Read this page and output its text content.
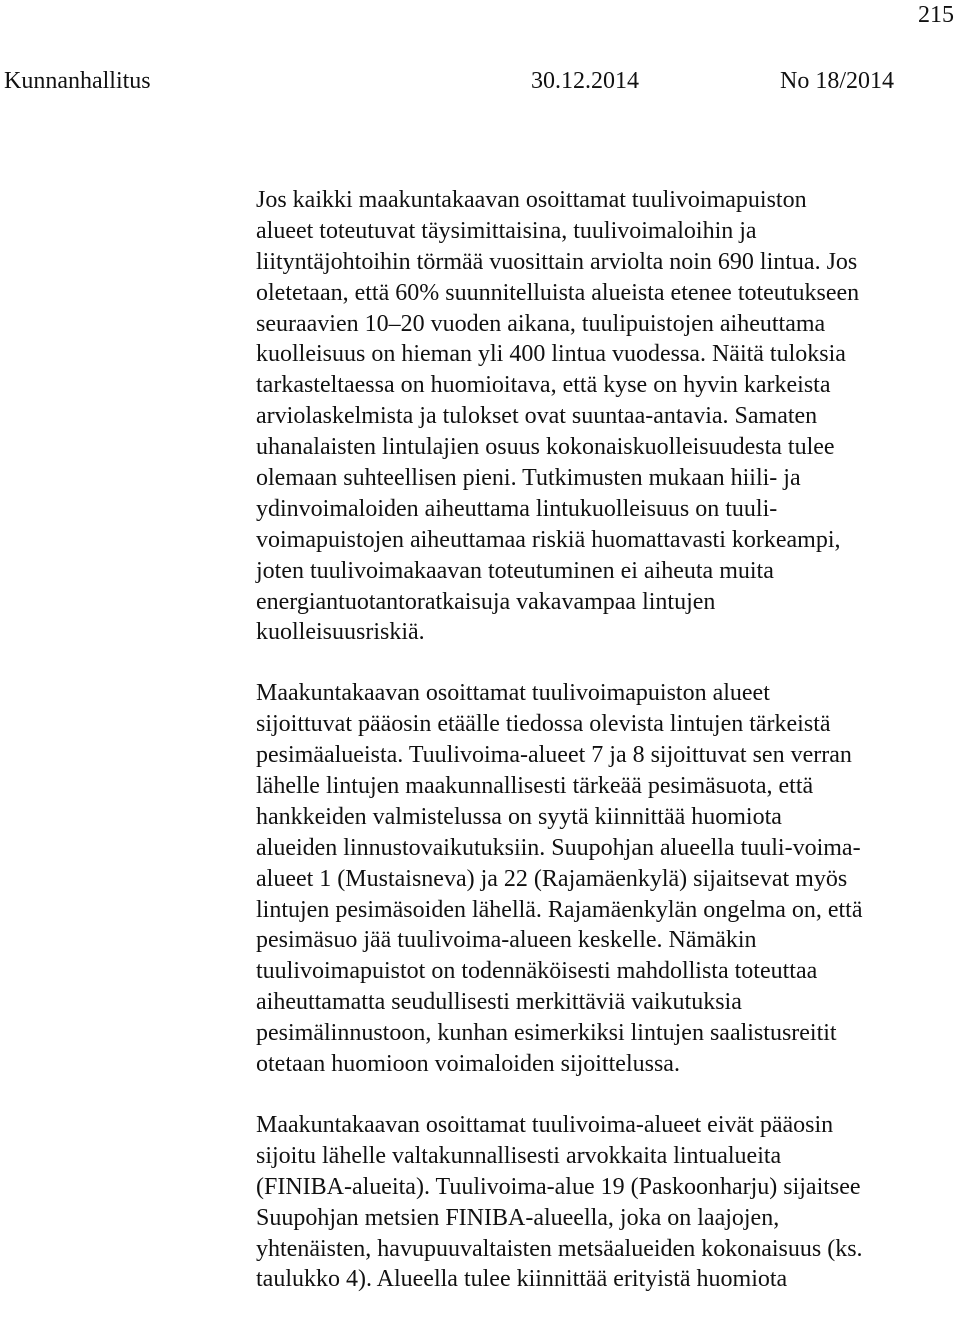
215
Kunnanhallitus	30.12.2014	No 18/2014
Jos kaikki maakuntakaavan osoittamat tuulivoimapuiston
alueet toteutuvat täysimittaisina, tuulivoimaloihin ja
liityntäjohtoihin törmää vuosittain arviolta noin 690 lintua. Jos
oletetaan, että 60% suunnitelluista alueista etenee toteutukseen
seuraavien 10–20 vuoden aikana, tuulipuistojen aiheuttama
kuolleisuus on hieman yli 400 lintua vuodessa. Näitä tuloksia
tarkasteltaessa on huomioitava, että kyse on hyvin karkeista
arviolaskelmista ja tulokset ovat suuntaa-antavia. Samaten
uhanalaisten lintulajien osuus kokonaiskuolleisuudesta tulee
olemaan suhteellisen pieni. Tutkimusten mukaan hiili- ja
ydinvoimaloiden aiheuttama lintukuolleisuus on tuuli-
voimapuistojen aiheuttamaa riskiä huomattavasti korkeampi,
joten tuulivoimakaavan toteutuminen ei aiheuta muita
energiantuotantoratkaisuja vakavampaa lintujen
kuolleisuusriskiä.
Maakuntakaavan osoittamat tuulivoimapuiston alueet
sijoittuvat pääosin etäälle tiedossa olevista lintujen tärkeistä
pesimäalueista. Tuulivoima-alueet 7 ja 8 sijoittuvat sen verran
lähelle lintujen maakunnallisesti tärkeää pesimäsuota, että
hankkeiden valmistelussa on syytä kiinnittää huomiota
alueiden linnustovaikutuksiin. Suupohjan alueella tuuli-voima-
alueet 1 (Mustaisneva) ja 22 (Rajamäenkylä) sijaitsevat myös
lintujen pesimäsoiden lähellä. Rajamäenkylän ongelma on, että
pesimäsuo jää tuulivoima-alueen keskelle. Nämäkin
tuulivoimapuistot on todennäköisesti mahdollista toteuttaa
aiheuttamatta seudullisesti merkittäviä vaikutuksia
pesimälinnustoon, kunhan esimerkiksi lintujen saalistusreitit
otetaan huomioon voimaloiden sijoittelussa.
Maakuntakaavan osoittamat tuulivoima-alueet eivät pääosin
sijoitu lähelle valtakunnallisesti arvokkaita lintualueita
(FINIBA-alueita). Tuulivoima-alue 19 (Paskoonharju) sijaitsee
Suupohjan metsien FINIBA-alueella, joka on laajojen,
yhtenäisten, havupuuvaltaisten metsäalueiden kokonaisuus (ks.
taulukko 4). Alueella tulee kiinnittää erityistä huomiota
